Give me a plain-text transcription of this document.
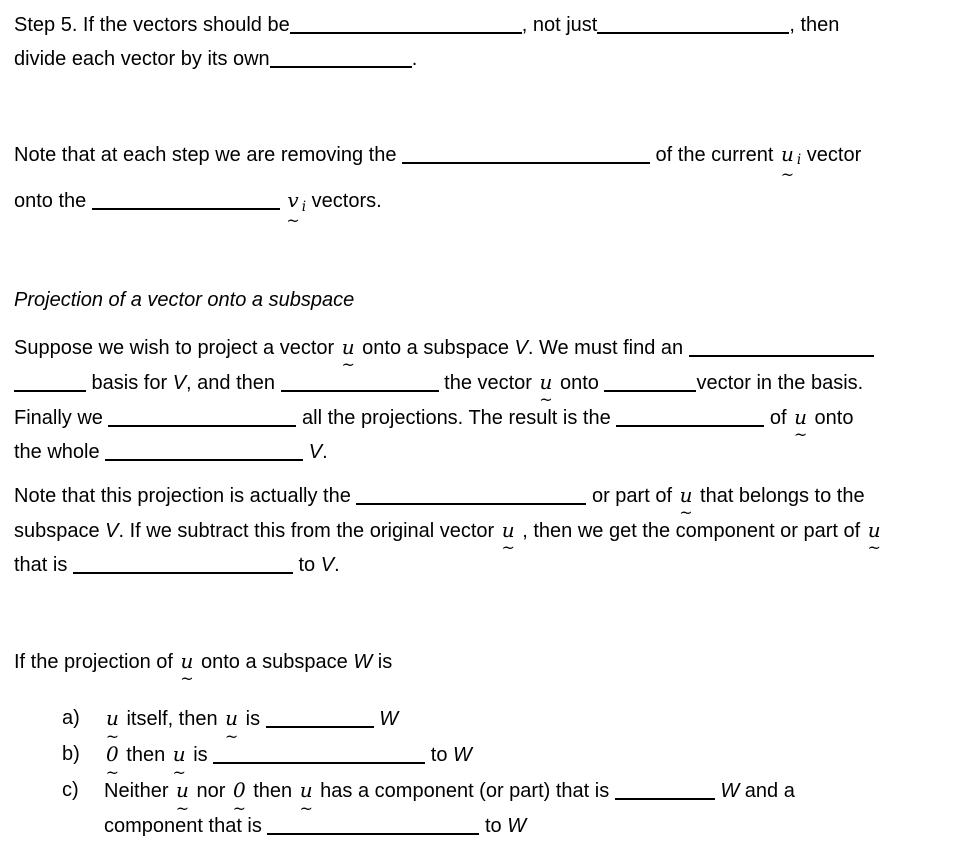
Step 5. If the vectors should be	, not just	, then
divide each vector by its own	.
Note that at each step we are removing the	of the current u
~
$_i$ vector
onto the	v
~
$_i$ vectors.
Projection of a vector onto a subspace
Suppose we wish to project a vector u
~
onto a subspace V. We must find an
basis for V, and then	the vector u
~
onto	vector in the basis.
Finally we	all the projections. The result is the	of u
~
onto
the whole	V.
Note that this projection is actually the	or part of u
~
that belongs to the
subspace V. If we subtract this from the original vector u
~
, then we get the component or part of u
~
that is	to V.
If the projection of u
~
onto a subspace W is
a)	u
~
itself, then u
~
is	W
b)	0
~
then u
~
is	to W
c)	Neither u
~
nor 0
~
then u
~
has a component (or part) that is	W and a
component that is	to W
